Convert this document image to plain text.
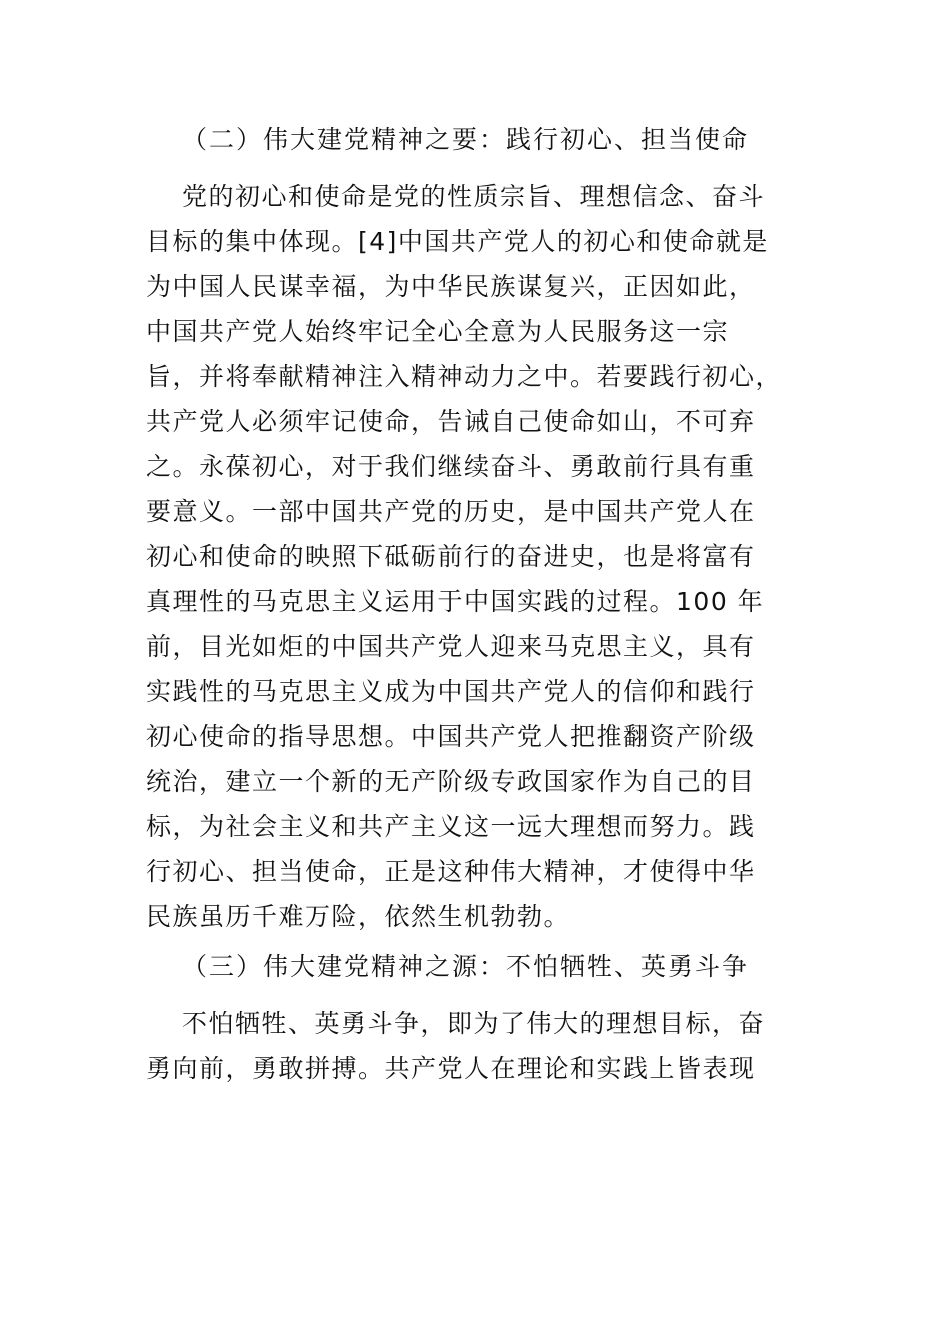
（二）伟大建党精神之要：践行初心、担当使命
党的初心和使命是党的性质宗旨、理想信念、奋斗
目标的集中体现。[4]中国共产党人的初心和使命就是
为中国人民谋幸福，为中华民族谋复兴，正因如此，
中国共产党人始终牢记全心全意为人民服务这一宗
旨，并将奉献精神注入精神动力之中。若要践行初心，
共产党人必须牢记使命，告诫自己使命如山，不可弃
之。永葆初心，对于我们继续奋斗、勇敢前行具有重
要意义。一部中国共产党的历史，是中国共产党人在
初心和使命的映照下砥砺前行的奋进史，也是将富有
真理性的马克思主义运用于中国实践的过程。100 年
前，目光如炬的中国共产党人迎来马克思主义，具有
实践性的马克思主义成为中国共产党人的信仰和践行
初心使命的指导思想。中国共产党人把推翻资产阶级
统治，建立一个新的无产阶级专政国家作为自己的目
标，为社会主义和共产主义这一远大理想而努力。践
行初心、担当使命，正是这种伟大精神，才使得中华
民族虽历千难万险，依然生机勃勃。
（三）伟大建党精神之源：不怕牺牲、英勇斗争
不怕牺牲、英勇斗争，即为了伟大的理想目标，奋
勇向前，勇敢拼搏。共产党人在理论和实践上皆表现
